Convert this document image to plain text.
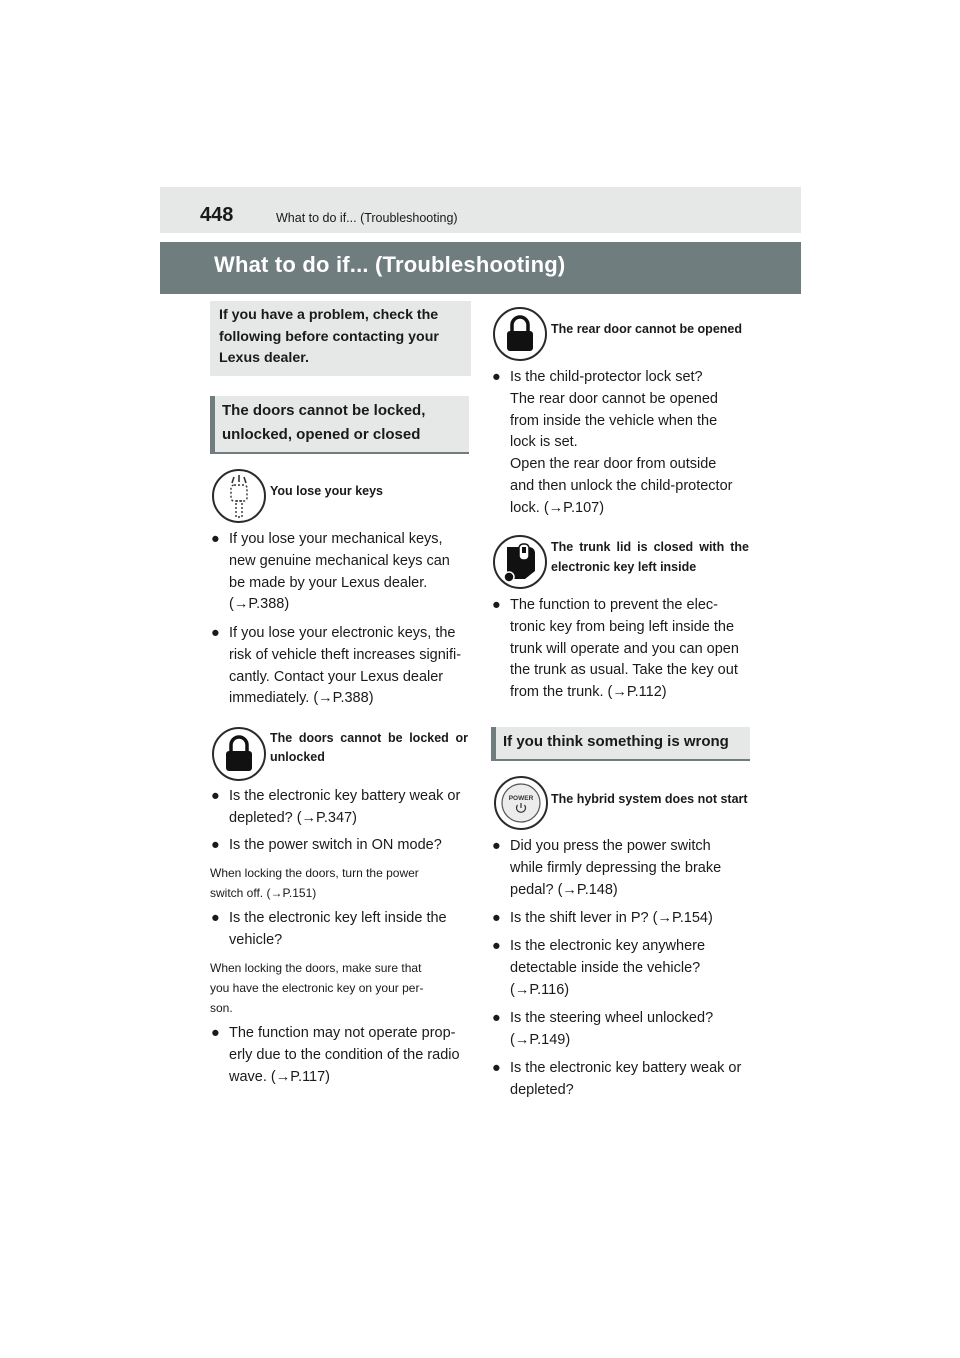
448	What to do if... (Troubleshooting)
What to do if... (Troubleshooting)
If you have a problem, check the following before contacting your Lexus dealer.
The doors cannot be locked,
unlocked, opened or closed
You lose your keys
● If you lose your mechanical keys,
new genuine mechanical keys can
be made by your Lexus dealer.
(→P.388)
● If you lose your electronic keys, the
risk of vehicle theft increases signifi-
cantly. Contact your Lexus dealer
immediately. (→P.388)
The doors cannot be locked or
unlocked
● Is the electronic key battery weak or
depleted? (→P.347)
● Is the power switch in ON mode?
When locking the doors, turn the power
switch off. (→P.151)
● Is the electronic key left inside the
vehicle?
When locking the doors, make sure that
you have the electronic key on your per-
son.
● The function may not operate prop-
erly due to the condition of the radio
wave. (→P.117)
The rear door cannot be opened
● Is the child-protector lock set?
The rear door cannot be opened
from inside the vehicle when the
lock is set.
Open the rear door from outside
and then unlock the child-protector
lock. (→P.107)
The trunk lid is closed with the
electronic key left inside
● The function to prevent the elec-
tronic key from being left inside the
trunk will operate and you can open
the trunk as usual. Take the key out
from the trunk. (→P.112)
If you think something is wrong
POWER The hybrid system does not start
● Did you press the power switch
while firmly depressing the brake
pedal? (→P.148)
● Is the shift lever in P? (→P.154)
● Is the electronic key anywhere
detectable inside the vehicle?
(→P.116)
● Is the steering wheel unlocked?
(→P.149)
● Is the electronic key battery weak or
depleted?
